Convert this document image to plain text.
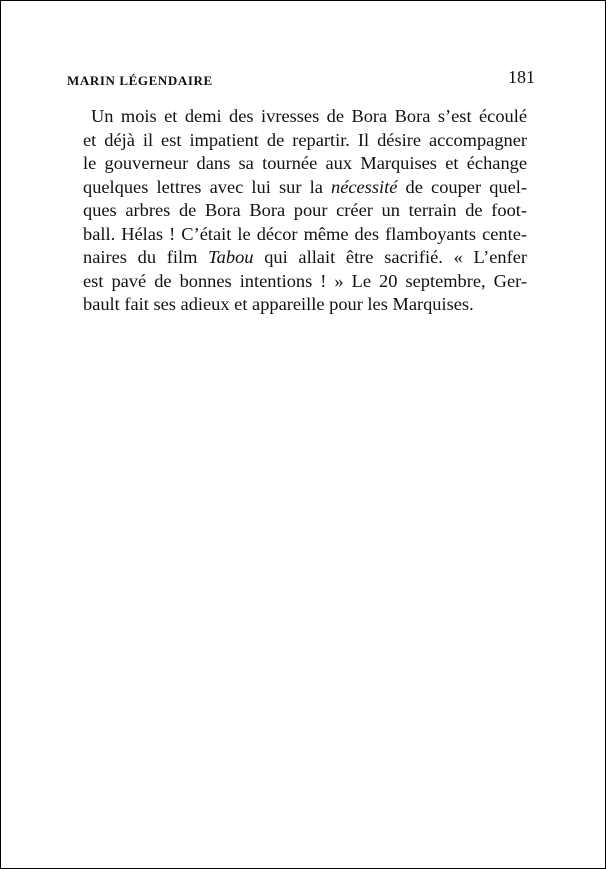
MARIN LÉGENDAIRE	181
Un mois et demi des ivresses de Bora Bora s’est écoulé
et déjà il est impatient de repartir. Il désire accompagner
le gouverneur dans sa tournée aux Marquises et échange
quelques lettres avec lui sur la nécessité de couper quel-
ques arbres de Bora Bora pour créer un terrain de foot-
ball. Hélas ! C’était le décor même des flamboyants cente-
naires du film Tabou qui allait être sacrifié. « L’enfer
est pavé de bonnes intentions ! » Le 20 septembre, Ger-
bault fait ses adieux et appareille pour les Marquises.
